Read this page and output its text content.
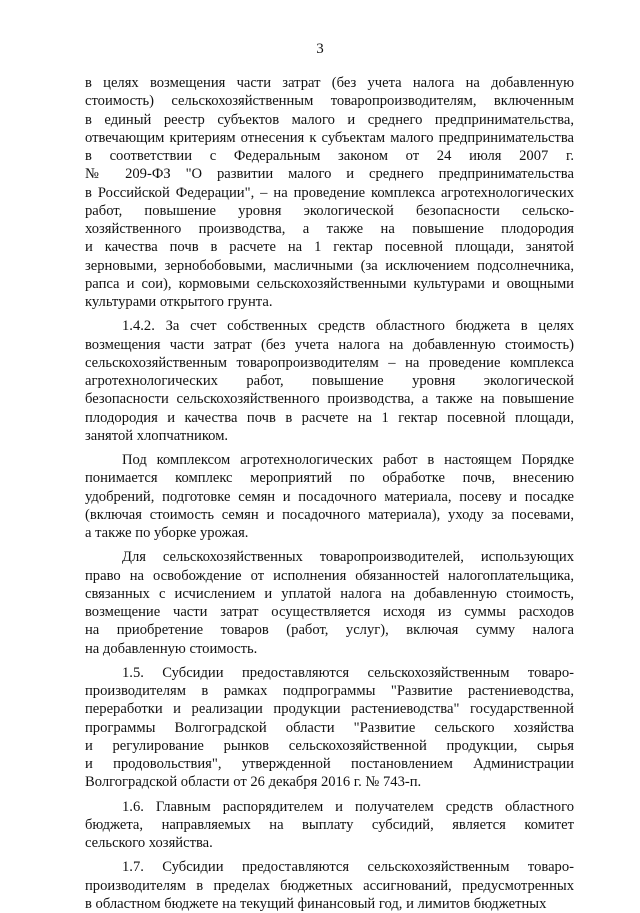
3
в целях возмещения части затрат (без учета налога на добавленную
стоимость) сельскохозяйственным товаропроизводителям, включенным
в единый реестр субъектов малого и среднего предпринимательства,
отвечающим критериям отнесения к субъектам малого предпринимательства
в соответствии с Федеральным законом от 24 июля 2007 г.
№ 209-ФЗ "О развитии малого и среднего предпринимательства
в Российской Федерации", – на проведение комплекса агротехнологических
работ, повышение уровня экологической безопасности сельско-
хозяйственного производства, а также на повышение плодородия
и качества почв в расчете на 1 гектар посевной площади, занятой
зерновыми, зернобобовыми, масличными (за исключением подсолнечника,
рапса и сои), кормовыми сельскохозяйственными культурами и овощными
культурами открытого грунта.
1.4.2. За счет собственных средств областного бюджета в целях
возмещения части затрат (без учета налога на добавленную стоимость)
сельскохозяйственным товаропроизводителям – на проведение комплекса
агротехнологических работ, повышение уровня экологической
безопасности сельскохозяйственного производства, а также на повышение
плодородия и качества почв в расчете на 1 гектар посевной площади,
занятой хлопчатником.
Под комплексом агротехнологических работ в настоящем Порядке
понимается комплекс мероприятий по обработке почв, внесению
удобрений, подготовке семян и посадочного материала, посеву и посадке
(включая стоимость семян и посадочного материала), уходу за посевами,
а также по уборке урожая.
Для сельскохозяйственных товаропроизводителей, использующих
право на освобождение от исполнения обязанностей налогоплательщика,
связанных с исчислением и уплатой налога на добавленную стоимость,
возмещение части затрат осуществляется исходя из суммы расходов
на приобретение товаров (работ, услуг), включая сумму налога
на добавленную стоимость.
1.5. Субсидии предоставляются сельскохозяйственным товаро-
производителям в рамках подпрограммы "Развитие растениеводства,
переработки и реализации продукции растениеводства" государственной
программы Волгоградской области "Развитие сельского хозяйства
и регулирование рынков сельскохозяйственной продукции, сырья
и продовольствия", утвержденной постановлением Администрации
Волгоградской области от 26 декабря 2016 г. № 743-п.
1.6. Главным распорядителем и получателем средств областного
бюджета, направляемых на выплату субсидий, является комитет
сельского хозяйства.
1.7. Субсидии предоставляются сельскохозяйственным товаро-
производителям в пределах бюджетных ассигнований, предусмотренных
в областном бюджете на текущий финансовый год, и лимитов бюджетных
